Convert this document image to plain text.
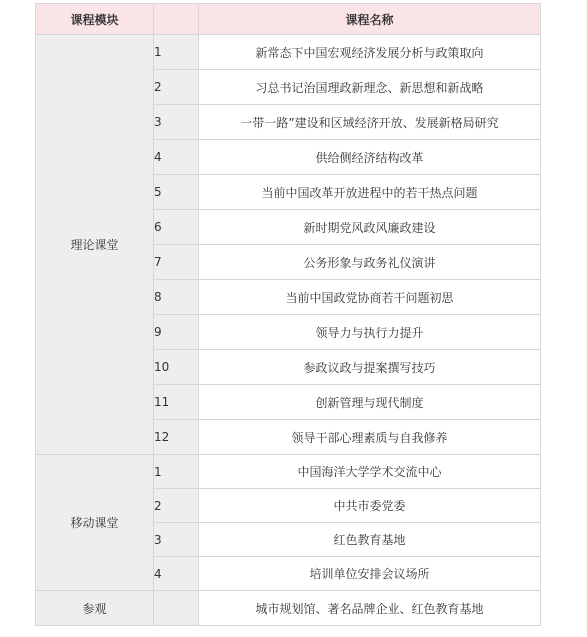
课程模块		课程名称
理论课堂	1	新常态下中国宏观经济发展分析与政策取向
	2	习总书记治国理政新理念、新思想和新战略
	3	一带一路”建设和区域经济开放、发展新格局研究
	4	供给侧经济结构改革
	5	当前中国改革开放进程中的若干热点问题
	6	新时期党风政风廉政建设
	7	公务形象与政务礼仪演讲
	8	当前中国政党协商若干问题初思
	9	领导力与执行力提升
	10	参政议政与提案撰写技巧
	11	创新管理与现代制度
	12	领导干部心理素质与自我修养
移动课堂	1	中国海洋大学学术交流中心
	2	中共市委党委
	3	红色教育基地
	4	培训单位安排会议场所
参观		城市规划馆、著名品牌企业、红色教育基地
